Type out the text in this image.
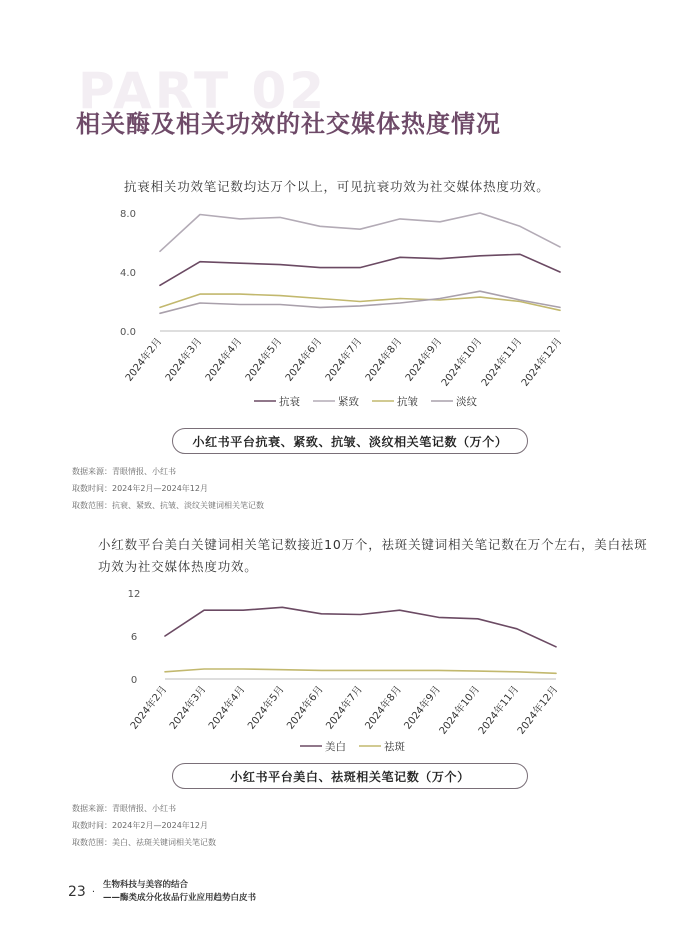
PART 02
相关酶及相关功效的社交媒体热度情况
抗衰相关功效笔记数均达万个以上，可见抗衰功效为社交媒体热度功效。
8.0
4.0
0.0
2024年2月 2024年3月 2024年4月 2024年5月 2024年6月 2024年7月 2024年8月 2024年9月
2024年10月
2024年11月
2024年12月
抗衰	紧致	抗皱	淡纹
小红书平台抗衰、紧致、抗皱、淡纹相关笔记数（万个）
数据来源：青眼情报、小红书
取数时间：2024年2月—2024年12月
取数范围：抗衰、紧致、抗皱、淡纹关键词相关笔记数
小红数平台美白关键词相关笔记数接近10万个，祛斑关键词相关笔记数在万个左右，美白祛斑功效为社交媒体热度功效。
12
6
0
2024年2月
2024年3月
2024年4月
2024年5月
2024年6月
2024年7月
2024年8月
2024年9月
2024年10月
2024年11月
2024年12月
美白	祛斑
小红书平台美白、祛斑相关笔记数（万个）
数据来源：青眼情报、小红书
取数时间：2024年2月—2024年12月
取数范围：美白、祛斑关键词相关笔记数
23 ·
生物科技与美容的结合
——酶类成分化妆品行业应用趋势白皮书
